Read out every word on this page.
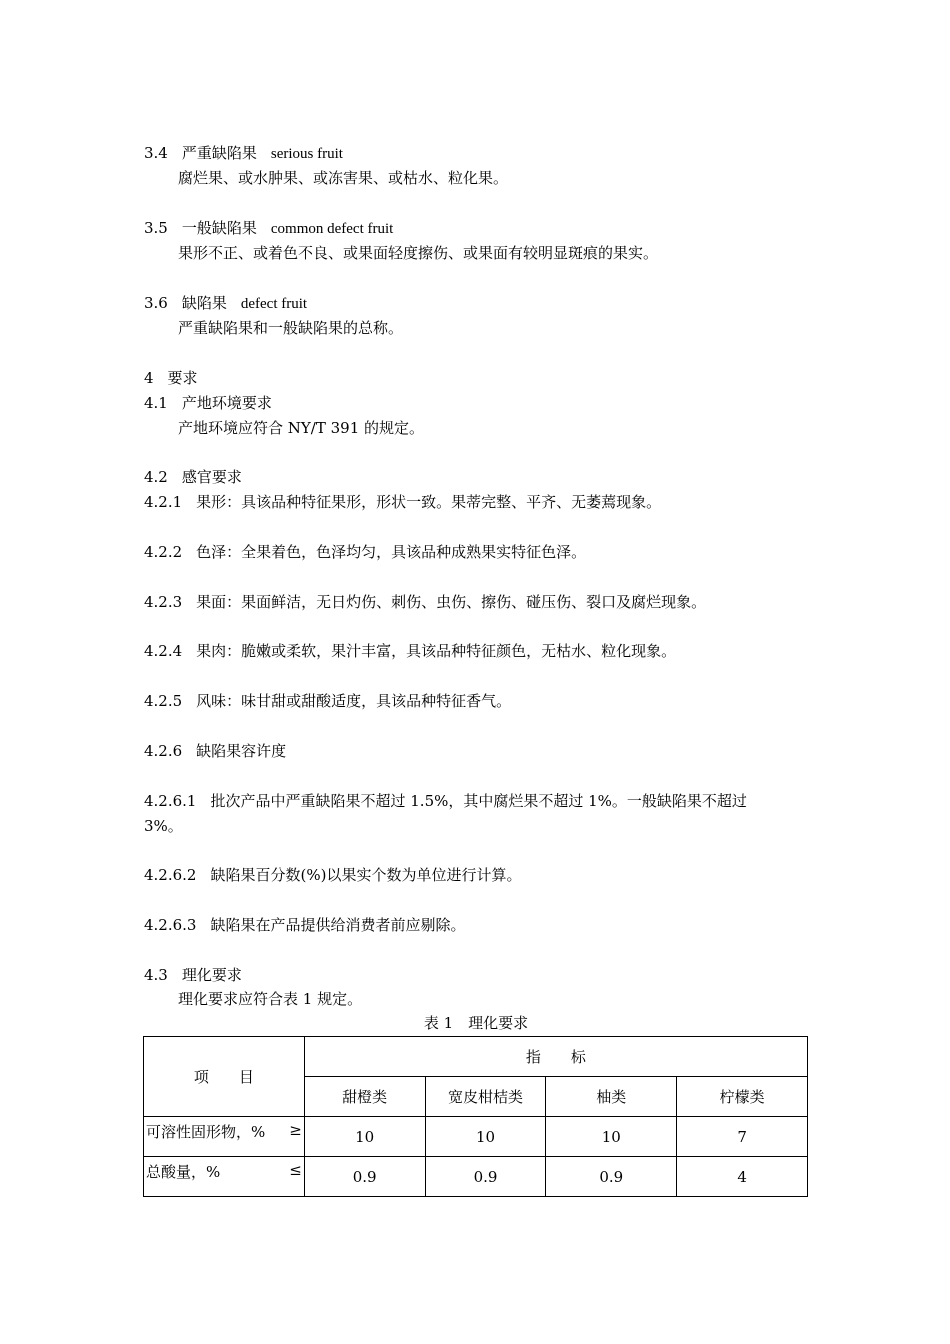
3.4 严重缺陷果 serious fruit
腐烂果、或水肿果、或冻害果、或枯水、粒化果。
3.5 一般缺陷果 common defect fruit
果形不正、或着色不良、或果面轻度擦伤、或果面有较明显斑痕的果实。
3.6 缺陷果 defect fruit
严重缺陷果和一般缺陷果的总称。
4 要求
4.1 产地环境要求
产地环境应符合 NY/T 391 的规定。
4.2 感官要求
4.2.1 果形：具该品种特征果形，形状一致。果蒂完整、平齐、无萎蔫现象。
4.2.2 色泽：全果着色，色泽均匀，具该品种成熟果实特征色泽。
4.2.3 果面：果面鲜洁，无日灼伤、刺伤、虫伤、擦伤、碰压伤、裂口及腐烂现象。
4.2.4 果肉：脆嫩或柔软，果汁丰富，具该品种特征颜色，无枯水、粒化现象。
4.2.5 风味：味甘甜或甜酸适度，具该品种特征香气。
4.2.6 缺陷果容许度
4.2.6.1 批次产品中严重缺陷果不超过 1.5%，其中腐烂果不超过 1%。一般缺陷果不超过
3%。
4.2.6.2 缺陷果百分数(%)以果实个数为单位进行计算。
4.2.6.3 缺陷果在产品提供给消费者前应剔除。
4.3 理化要求
理化要求应符合表 1 规定。
表 1　理化要求
项　　目	指　　标			
	甜橙类	宽皮柑桔类	柚类	柠檬类

可溶性固形物，% ≥	10	10	10	7

总酸量，% ≤	0.9	0.9	0.9	4
